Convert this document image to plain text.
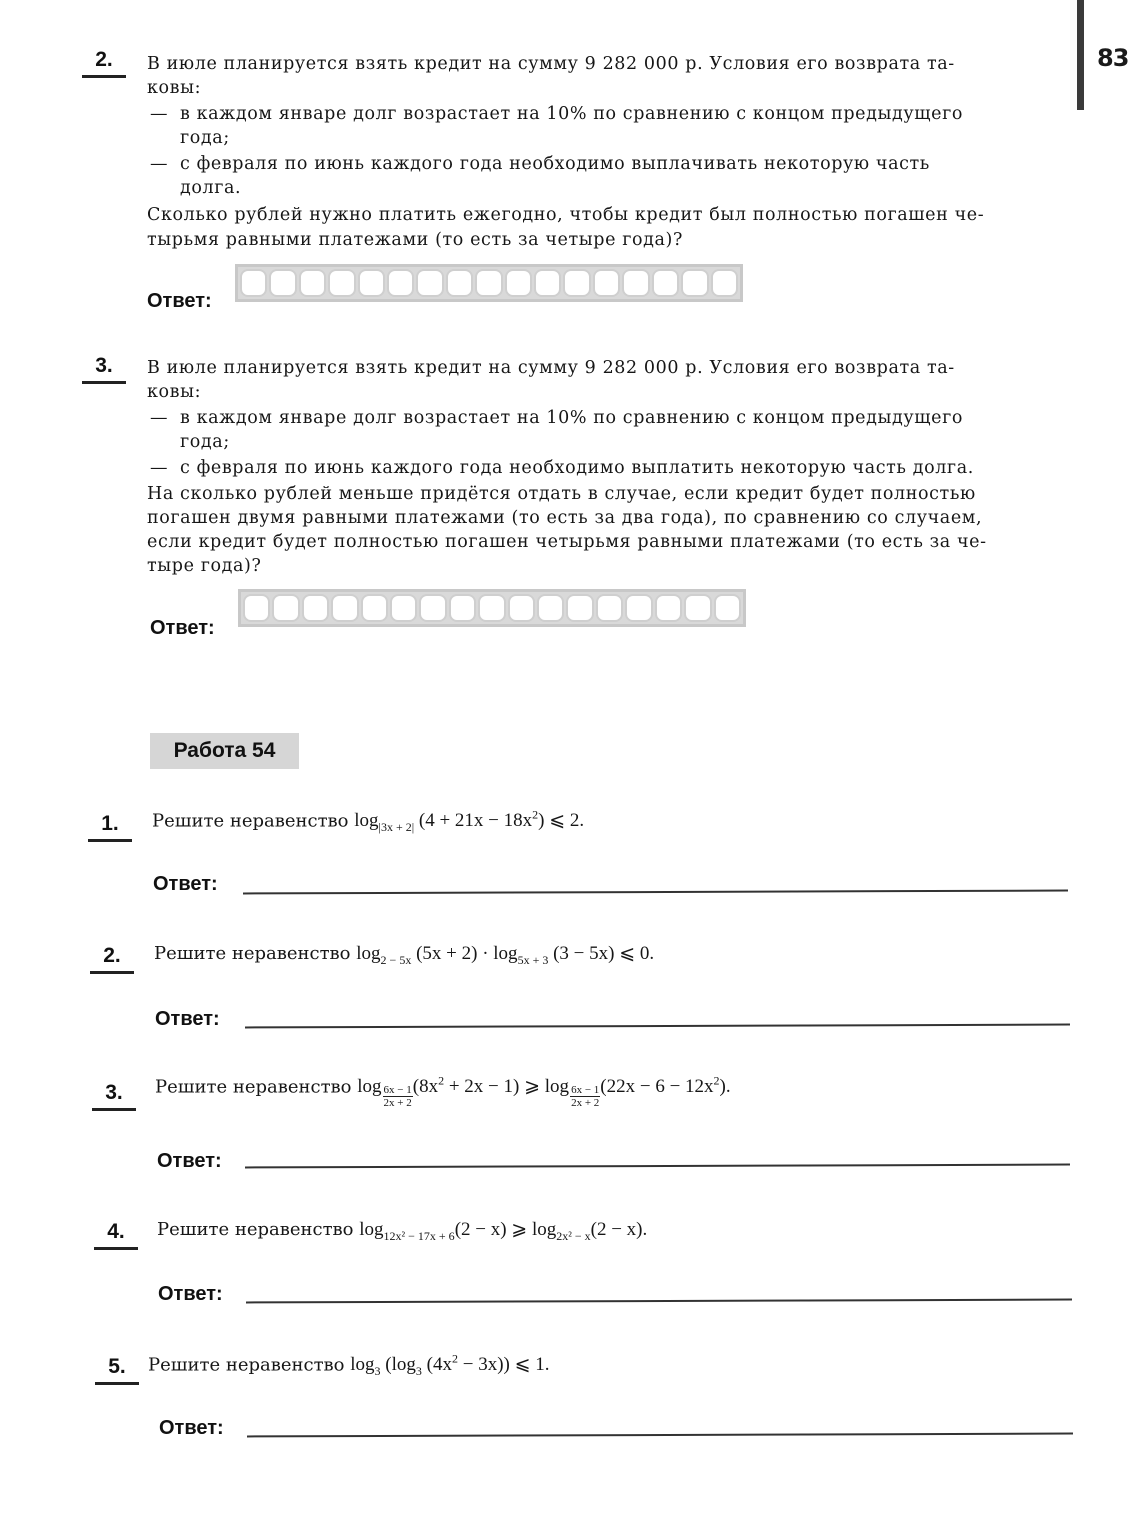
83
2.	В июле планируется взять кредит на сумму 9 282 000 р. Условия его возврата та-
ковы:
— в каждом январе долг возрастает на 10% по сравнению с концом предыдущего
года;
— с февраля по июнь каждого года необходимо выплачивать некоторую часть
долга.
Сколько рублей нужно платить ежегодно, чтобы кредит был полностью погашен че-
тырьмя равными платежами (то есть за четыре года)?
Ответ:
3.	В июле планируется взять кредит на сумму 9 282 000 р. Условия его возврата та-
ковы:
— в каждом январе долг возрастает на 10% по сравнению с концом предыдущего
года;
— с февраля по июнь каждого года необходимо выплатить некоторую часть долга.
На сколько рублей меньше придётся отдать в случае, если кредит будет полностью
погашен двумя равными платежами (то есть за два года), по сравнению со случаем,
если кредит будет полностью погашен четырьмя равными платежами (то есть за че-
тыре года)?
Ответ:
Работа 54
1.	Решите неравенство $\log_{|3x + 2|} (4 + 21x - 18x^2)$ ⩽ 2.
Ответ:
2.	Решите неравенство $\log_{2 - 5x} (5x + 2) \cdot \log_{5x + 3} (3 - 5x)$ ⩽ 0.
Ответ:
3.	Решите неравенство $\log \frac{6x - 1}{2x + 2} (8x^2 + 2x - 1)$ ⩾ $\log \frac{6x - 1}{2x + 2} (22x - 6 - 12x^2)$.
Ответ:
4.	Решите неравенство $\log_{12x^2 - 17x + 6}(2 - x)$ ⩾ $\log_{2x^2 - x}(2 - x)$.
Ответ:
5.	Решите неравенство $\log_3 (\log_3$ $(4x^2 - 3x)$) ⩽ 1.
Ответ:
